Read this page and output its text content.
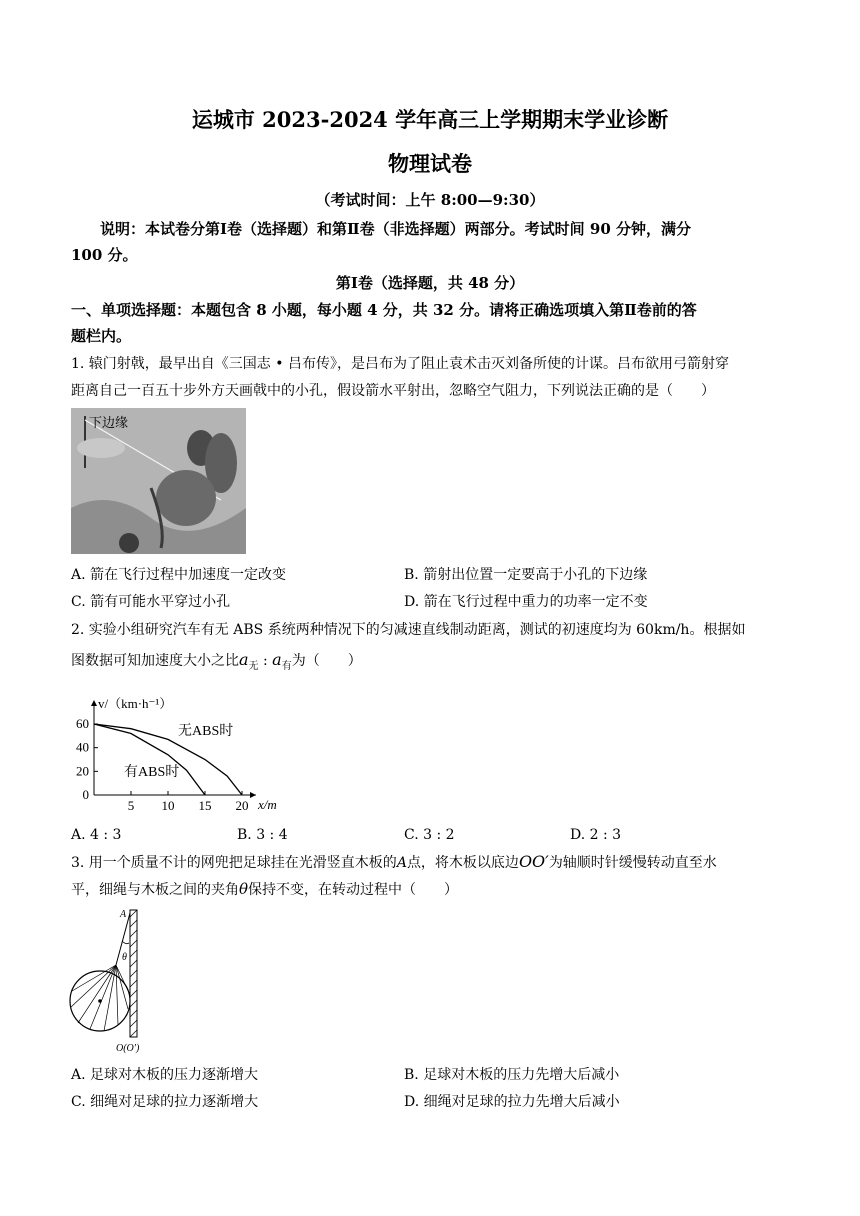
运城市 2023-2024 学年高三上学期期末学业诊断
物理试卷
（考试时间：上午 8:00—9:30）
说明：本试卷分第Ⅰ卷（选择题）和第Ⅱ卷（非选择题）两部分。考试时间 90 分钟，满分
100 分。
第Ⅰ卷（选择题，共 48 分）
一、单项选择题：本题包含 8 小题，每小题 4 分，共 32 分。请将正确选项填入第Ⅱ卷前的答
题栏内。
1. 辕门射戟，最早出自《三国志 • 吕布传》，是吕布为了阻止袁术击灭刘备所使的计谋。吕布欲用弓箭射穿
距离自己一百五十步外方天画戟中的小孔，假设箭水平射出，忽略空气阻力，下列说法正确的是（　　）
下边缘
A. 箭在飞行过程中加速度一定改变	B. 箭射出位置一定要高于小孔的下边缘
C. 箭有可能水平穿过小孔	D. 箭在飞行过程中重力的功率一定不变
2. 实验小组研究汽车有无 ABS 系统两种情况下的匀减速直线制动距离，测试的初速度均为 60km/h。根据如
图数据可知加速度大小之比$a_无$ : $a_有$为（　　）
0
20
40
60
5 10 15 20
v/（km·h⁻¹）
x/m
无ABS时
有ABS时
A. 4 : 3	B. 3 : 4	C. 3 : 2	D. 2 : 3
3. 用一个质量不计的网兜把足球挂在光滑竖直木板的A点，将木板以底边OO′为轴顺时针缓慢转动直至水
平，细绳与木板之间的夹角θ保持不变，在转动过程中（　　）
A
θ
O(O′)
A. 足球对木板的压力逐渐增大	B. 足球对木板的压力先增大后减小
C. 细绳对足球的拉力逐渐增大	D. 细绳对足球的拉力先增大后减小
